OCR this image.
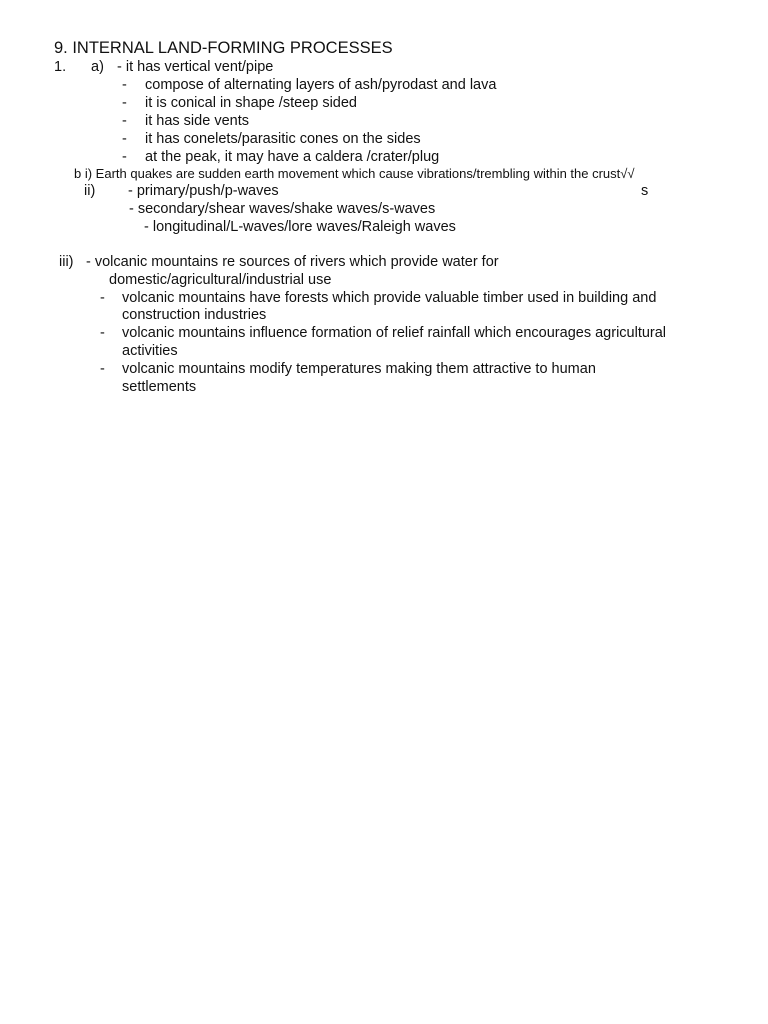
9. INTERNAL LAND-FORMING PROCESSES
1. a) - it has vertical vent/pipe
- compose of alternating layers of ash/pyrodast and lava
- it is conical in shape /steep sided
- it has side vents
- it has conelets/parasitic cones on the sides
- at the peak, it may have a caldera /crater/plug
b i) Earth quakes are sudden earth movement which cause vibrations/trembling within the crust√√
ii) - primary/push/p-waves	s
- secondary/shear waves/shake waves/s-waves
- longitudinal/L-waves/lore waves/Raleigh waves
iii) - volcanic mountains re sources of rivers which provide water for
domestic/agricultural/industrial use
- volcanic mountains have forests which provide valuable timber used in building and
construction industries
- volcanic mountains influence formation of relief rainfall which encourages agricultural
activities
- volcanic mountains modify temperatures making them attractive to human
settlements
